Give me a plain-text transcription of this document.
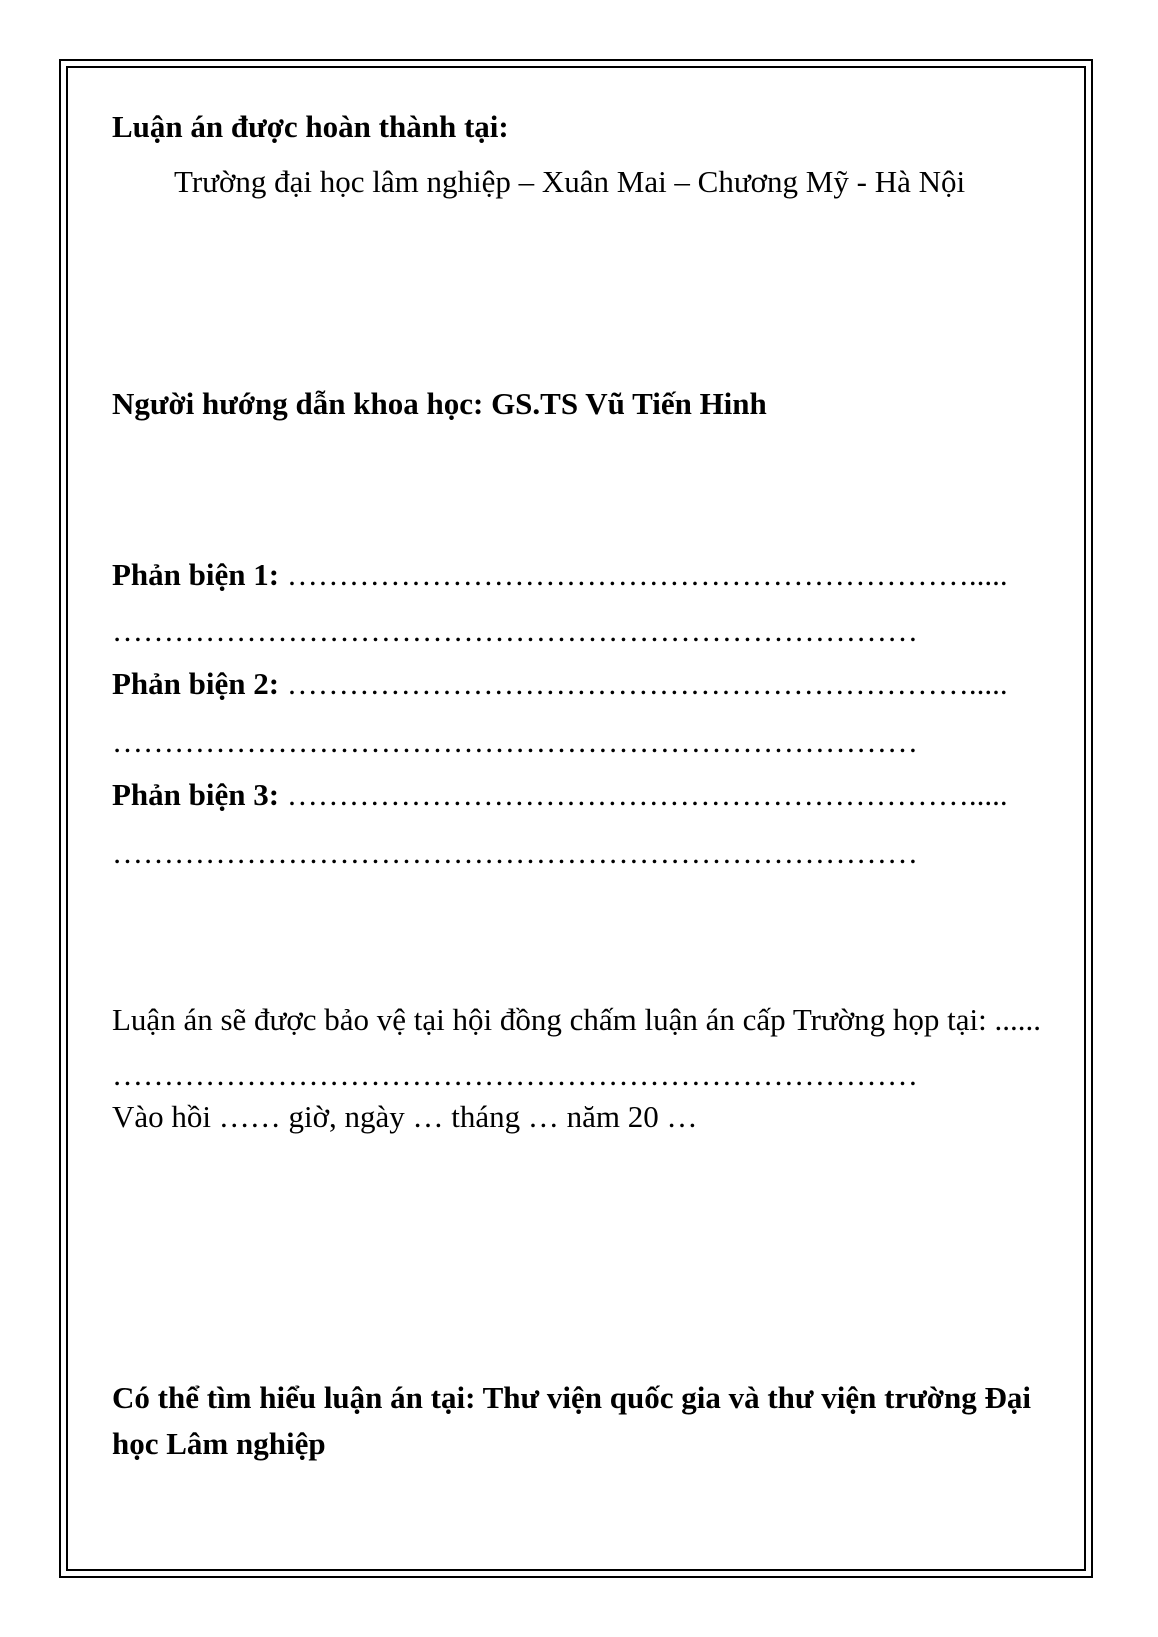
Luận án được hoàn thành tại:
Trường đại học lâm nghiệp – Xuân Mai – Chương Mỹ - Hà Nội
Người hướng dẫn khoa học: GS.TS Vũ Tiến Hinh
Phản biện 1: ………………………………………………………….....
……………………………………………………………………
Phản biện 2: ………………………………………………………….....
……………………………………………………………………
Phản biện 3: ………………………………………………………….....
……………………………………………………………………
Luận án sẽ được bảo vệ tại hội đồng chấm luận án cấp Trường họp tại: ......
……………………………………………………………………
Vào hồi …… giờ, ngày … tháng … năm 20 …
Có thể tìm hiểu luận án tại: Thư viện quốc gia và thư viện trường Đại học Lâm nghiệp
